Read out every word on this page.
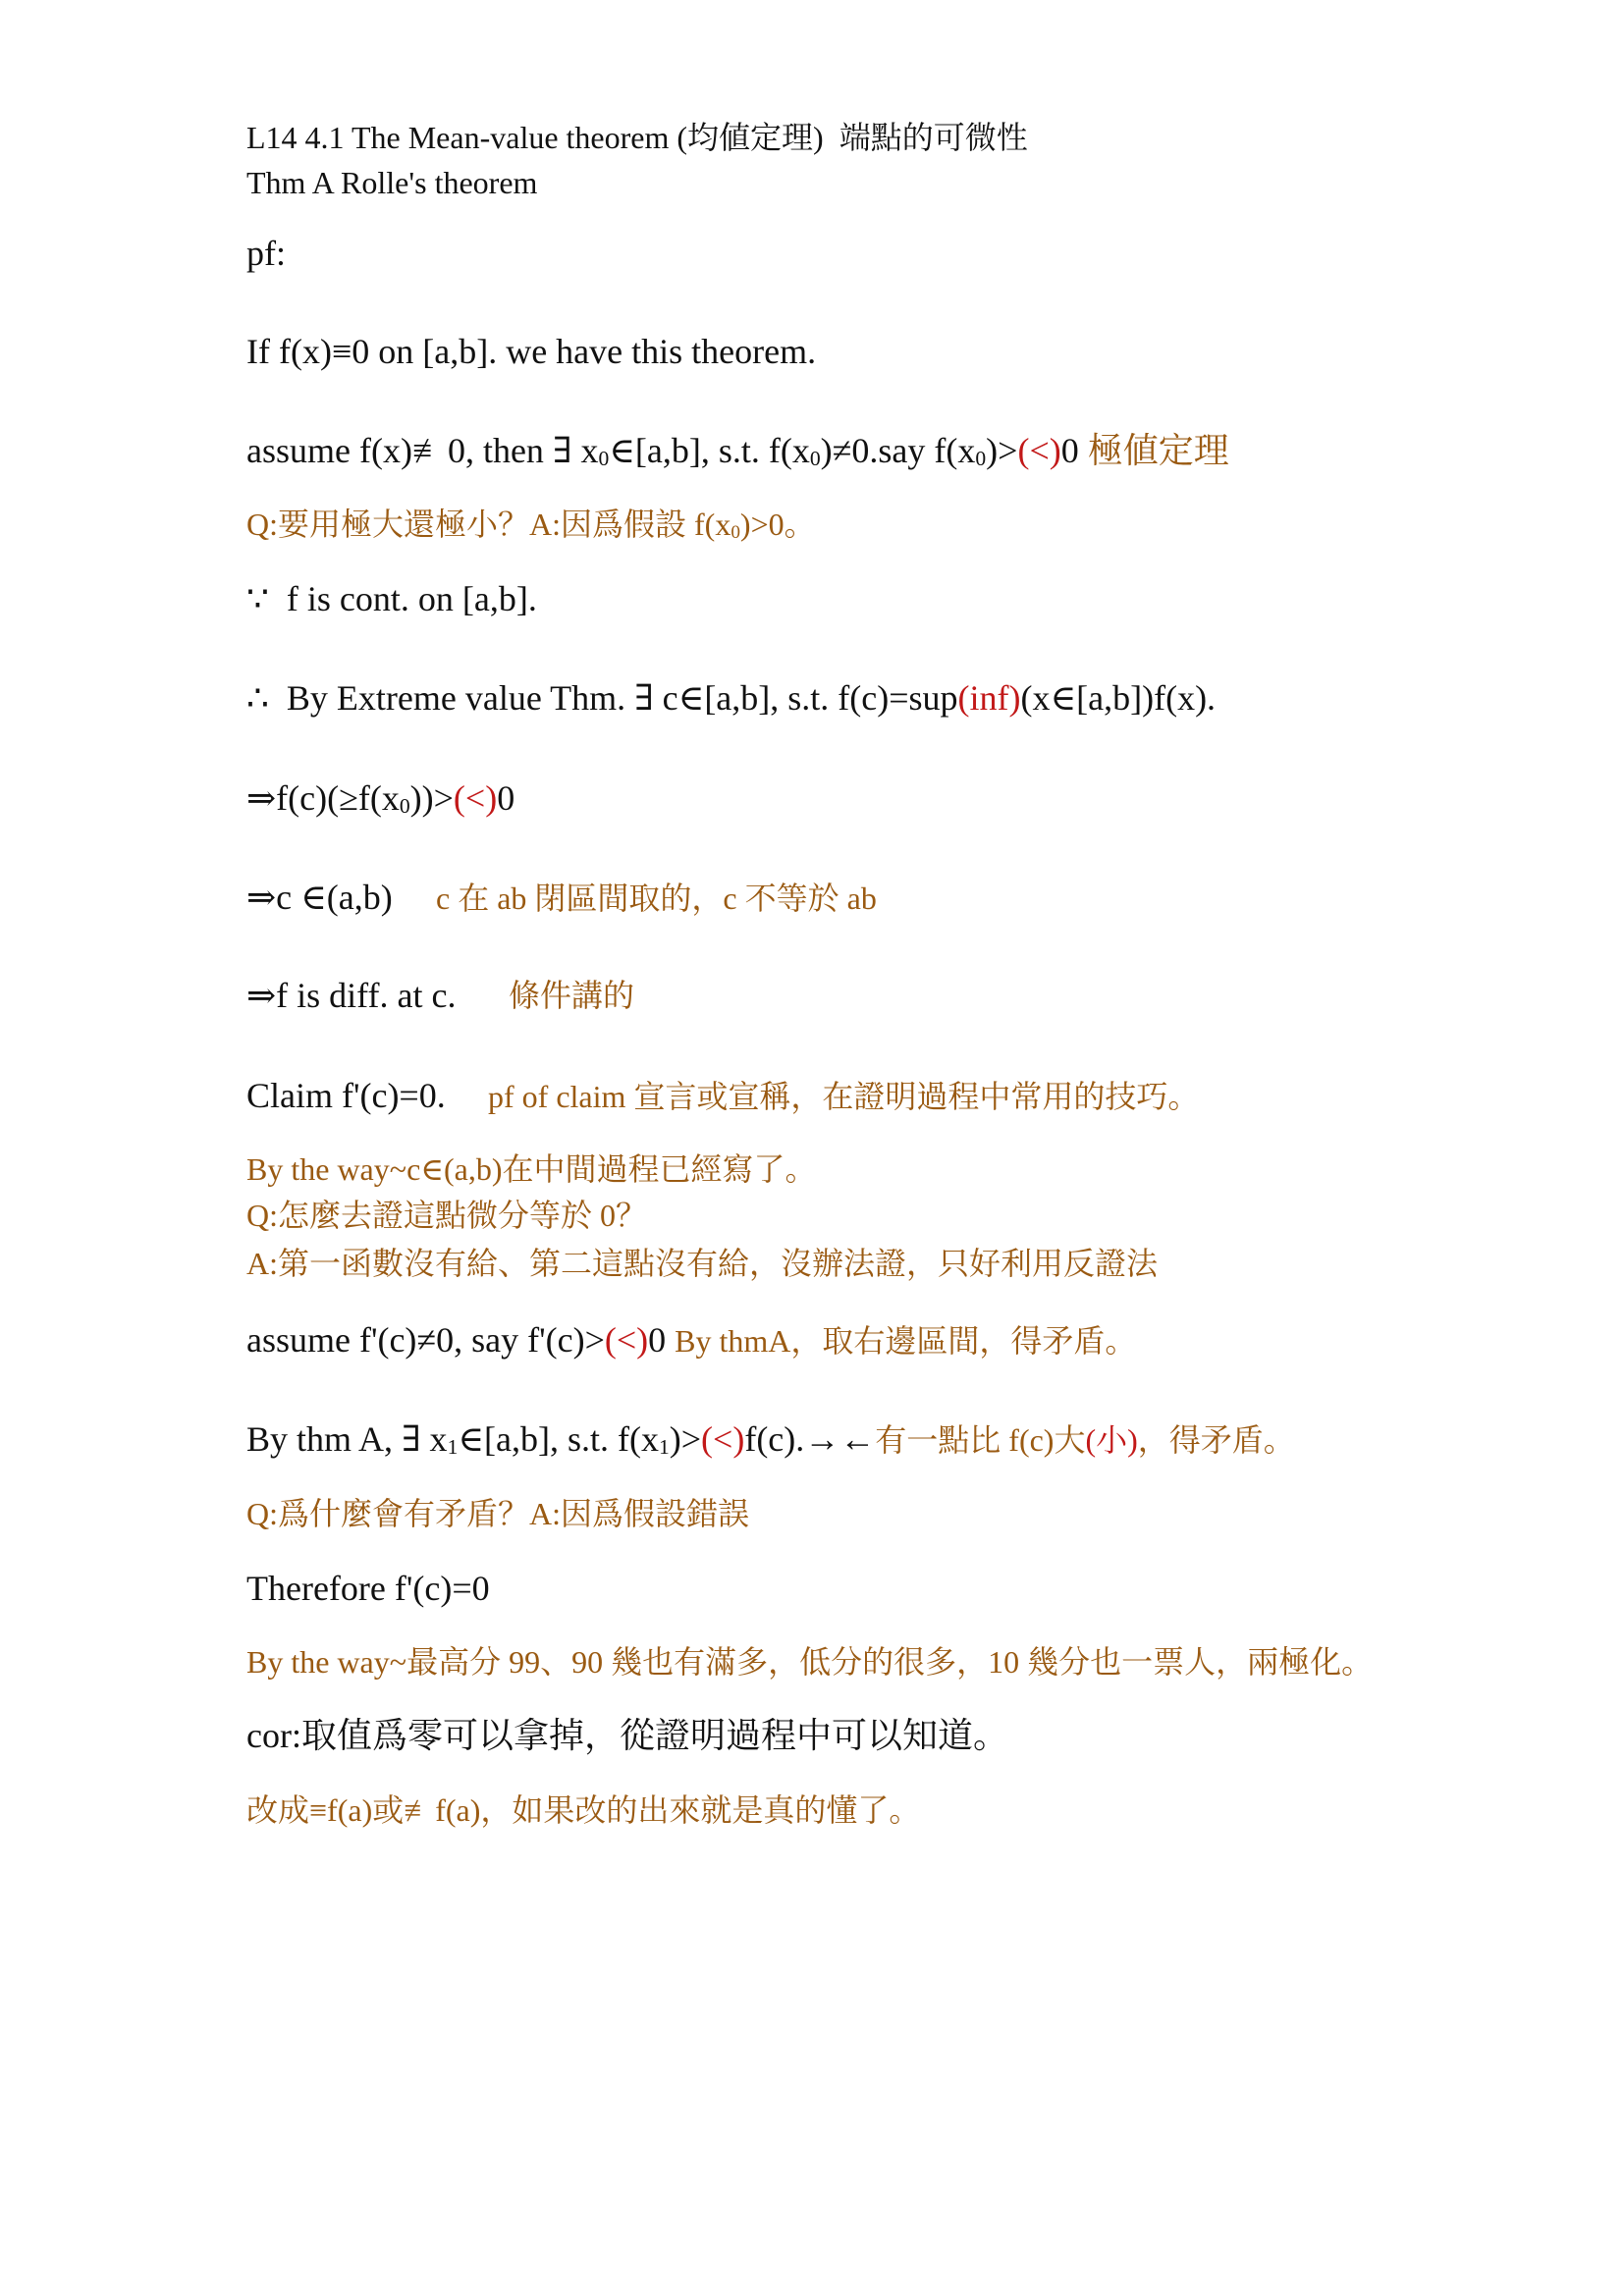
L14 4.1 The Mean-value theorem (均値定理)  端點的可微性
Thm A Rolle's theorem
pf:
If f(x)≡0 on [a,b]. we have this theorem.
assume f(x)≢0, then ∃ $x_0\in[a,b]$, s.t. $f(x_0)\ne 0.say$ $f(x_0)>(<)0$ 極値定理
Q:要用極大還極小？A:因爲假設 $f(x_0)>0$。
∵  f is cont. on [a,b].
∴  By Extreme value Thm. ∃ c∈[a,b], s.t. f(c)=sup(inf)(x∈[a,b])f(x).
$\Rightarrow f(c)(\ge f(x_0))>(<)0$
⇒c ∈(a,b) c 在 ab 閉區間取的，c 不等於 ab
⇒f is diff. at c. 條件講的
Claim f'(c)=0. pf of claim 宣言或宣稱，在證明過程中常用的技巧。
By the way~c∈(a,b)在中間過程已經寫了。
Q:怎麼去證這點微分等於 0？
A:第一函數沒有給、第二這點沒有給，沒辦法證，只好利用反證法
assume f'(c)≠0, say f'(c)>(<)0 By thmA，取右邊區間，得矛盾。
By thm A, ∃ $x_1\in[a,b]$, s.t. $f(x_1)>(<)f(c).\to\leftarrow$有一點比 f(c)大(小)，得矛盾。
Q:爲什麼會有矛盾？A:因爲假設錯誤
Therefore f'(c)=0
By the way~最高分 99、90 幾也有滿多，低分的很多，10 幾分也一票人，兩極化。
cor:取值爲零可以拿掉，從證明過程中可以知道。
改成≡f(a)或≢f(a)，如果改的出來就是真的懂了。
